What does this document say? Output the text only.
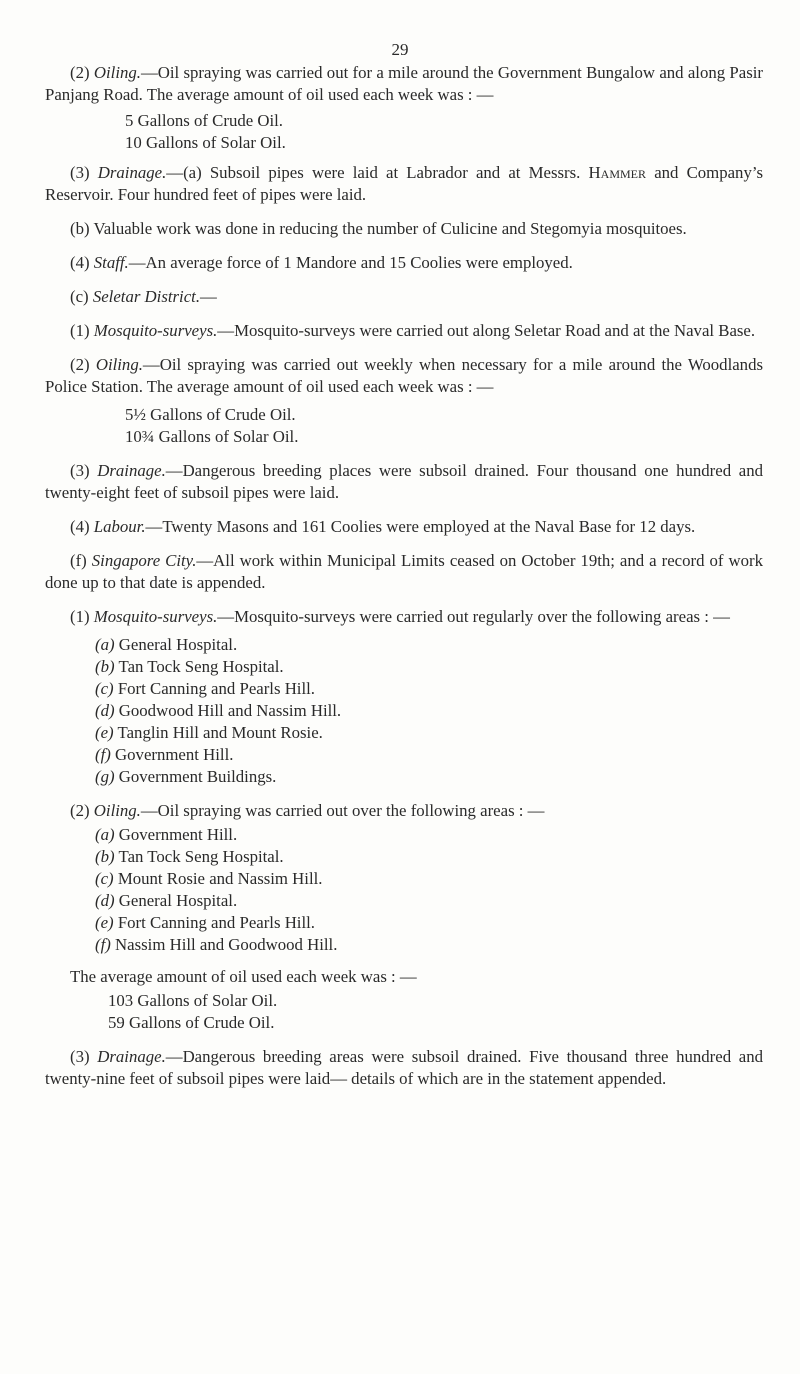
29

(2) Oiling.—Oil spraying was carried out for a mile around the Government Bungalow and along Pasir Panjang Road. The average amount of oil used each week was : —

5 Gallons of Crude Oil.

10 Gallons of Solar Oil.

(3) Drainage.—(a) Subsoil pipes were laid at Labrador and at Messrs. Hammer and Company’s Reservoir. Four hundred feet of pipes were laid.

(b) Valuable work was done in reducing the number of Culicine and Stegomyia mosquitoes.

(4) Staff.—An average force of 1 Mandore and 15 Coolies were employed.

(c) Seletar District.—

(1) Mosquito-surveys.—Mosquito-surveys were carried out along Seletar Road and at the Naval Base.

(2) Oiling.—Oil spraying was carried out weekly when necessary for a mile around the Woodlands Police Station. The average amount of oil used each week was : —

5½ Gallons of Crude Oil.

10¾ Gallons of Solar Oil.

(3) Drainage.—Dangerous breeding places were subsoil drained. Four thousand one hundred and twenty-eight feet of subsoil pipes were laid.

(4) Labour.—Twenty Masons and 161 Coolies were employed at the Naval Base for 12 days.

(f) Singapore City.—All work within Municipal Limits ceased on October 19th; and a record of work done up to that date is appended.

(1) Mosquito-surveys.—Mosquito-surveys were carried out regularly over the following areas : —

(a) General Hospital.

(b) Tan Tock Seng Hospital.

(c) Fort Canning and Pearls Hill.

(d) Goodwood Hill and Nassim Hill.

(e) Tanglin Hill and Mount Rosie.

(f) Government Hill.

(g) Government Buildings.

(2) Oiling.—Oil spraying was carried out over the following areas : —

(a) Government Hill.

(b) Tan Tock Seng Hospital.

(c) Mount Rosie and Nassim Hill.

(d) General Hospital.

(e) Fort Canning and Pearls Hill.

(f) Nassim Hill and Goodwood Hill.

The average amount of oil used each week was : —

103 Gallons of Solar Oil.

59 Gallons of Crude Oil.

(3) Drainage.—Dangerous breeding areas were subsoil drained. Five thousand three hundred and twenty-nine feet of subsoil pipes were laid— details of which are in the statement appended.
